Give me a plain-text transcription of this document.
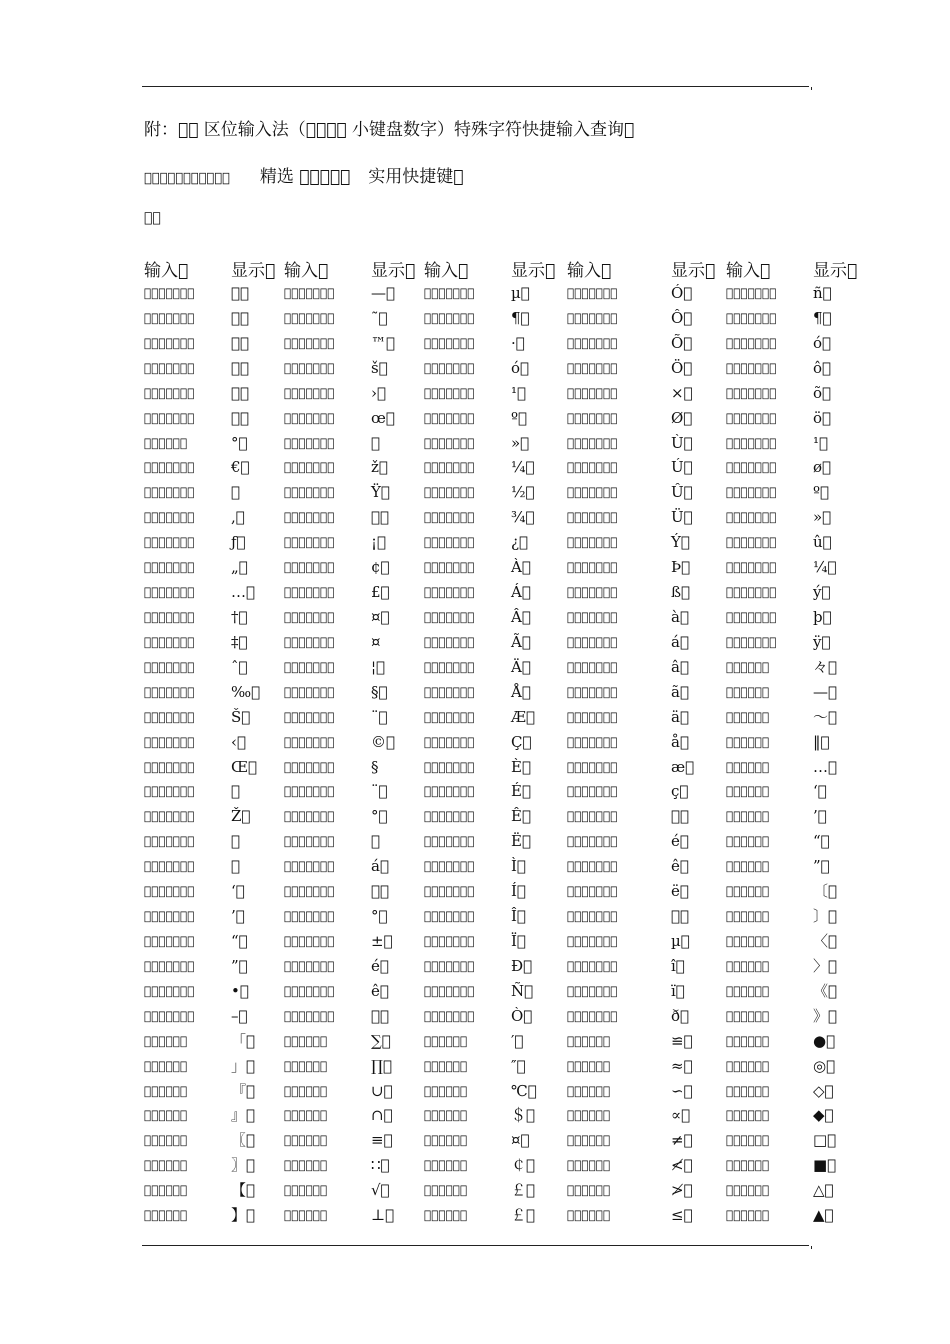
附：   区位输入法（     小键盘数字）特殊字符快捷输入查询 
            精选       实用快捷键 
  
输入 	显示  输入 	显示  输入 	显示  输入 	显示  输入 	显示 
          	        —          µ 	       	Ó 	        ñ 
          	        ˜ 	        ¶ 	       	Ô 	        ¶ 
          	        ™          · 	       	Õ 	        ó 
          	        š 	        ó 	       	Ö 	        ô 
          	        › 	        ¹ 	       	× 	        õ 
          	        œ          º 	       	Ø 	        ö 
      	° 	         	        » 	       	Ù 	        ¹ 
        € 	        ž 	        ¼ 	       	Ú 	        ø 
         	        Ÿ 	        ½ 	       	Û 	        º 
        , 	          	        ¾ 	       	Ü 	        » 
        ƒ 	        ¡ 	        ¿ 	       	Ý 	        û 
        „ 	        ¢ 	        À 	       	Þ 	        ¼ 
        …          £ 	        Á 	       	ß 	        ý 
        † 	        ¤ 	        Â 	       	à 	        þ 
        ‡ 	        ¤	        Ã 	       	á 	        ÿ 
        ˆ 	        ¦ 	        Ä 	       	â 	      	々 
        ‰          § 	        Å 	       	ã 	      	— 
        Š 	        ¨ 	        Æ 	       	ä 	      	～ 
        ‹ 	        ©          Ç 	       	å 	      	‖ 
        Œ          §	        È 	       	æ 	      	… 
         	        ¨ 	        É 	       	ç 	      	‘ 
        Ž 	        ° 	        Ê 	       	  	      	’ 
         	         	        Ë 	       	é 	      	“ 
         	        á 	        Ì 	       	ê 	      	” 
        ‘ 	          	        Í 	       	ë 	      	〔 
        ’ 	        ° 	        Î 	       	  	      	〕 
        “ 	        ± 	        Ï 	       	µ 	      	〈 
        ” 	        é 	        Ð 	       	î 	      	〉 
        • 	        ê 	        Ñ 	       	ï 	      	《 
        – 	          	        Ò 	       	ð 	      	》 
      	「        	∑ 	      	′ 	      	≌ 	      	● 
      	」        	∏ 	      	″ 	      	≈ 	      	◎ 
      	『        	∪ 	      	℃ 	      	∽ 	      	◇ 
      	』        	∩ 	      	＄ 	      	∝ 	      	◆ 
      	〖        	≡ 	      	¤ 	      	≠ 	      	□ 
      	〗        	∷ 	      	￠ 	      	≮ 	      	■ 
      	【        	√ 	      	￡ 	      	≯ 	      	△ 
      	】        	⊥        	￡ 	      	≤ 	      	▲ 
